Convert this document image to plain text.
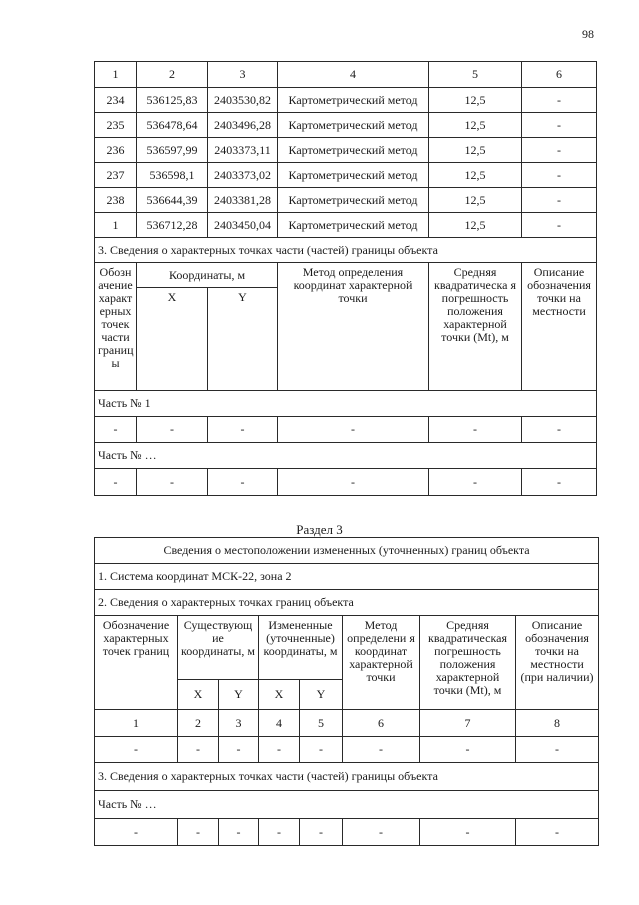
98
1	2	3	4	5	6
234	536125,83	2403530,82	Картометрический метод	12,5	-
235	536478,64	2403496,28	Картометрический метод	12,5	-
236	536597,99	2403373,11	Картометрический метод	12,5	-
237	536598,1	2403373,02	Картометрический метод	12,5	-
238	536644,39	2403381,28	Картометрический метод	12,5	-
1	536712,28	2403450,04	Картометрический метод	12,5	-
3. Сведения о характерных точках части (частей) границы объекта					
Обозн ачение характ ерных точек части границ ы	Координаты, м		Метод определения координат характерной точки	Средняя квадратическа я погрешность положения характерной точки (Mt), м	Описание обозначения точки на местности
	X	Y			
Часть № 1					
-	-	-	-	-	-
Часть № …					
-	-	-	-	-	-
Раздел 3
Сведения о местоположении измененных (уточненных) границ объекта							
1. Система координат МСК-22, зона 2							
2. Сведения о характерных точках границ объекта							
Обозначение характерных точек границ	Существующ ие координаты, м		Измененные (уточненные) координаты, м		Метод определени я координат характерной точки	Средняя квадратическая погрешность положения характерной точки (Mt), м	Описание обозначения точки на местности (при наличии)
	X	Y	X	Y			
1	2	3	4	5	6	7	8
-	-	-	-	-	-	-	-
3. Сведения о характерных точках части (частей) границы объекта							
Часть № …							
-	-	-	-	-	-	-	-
